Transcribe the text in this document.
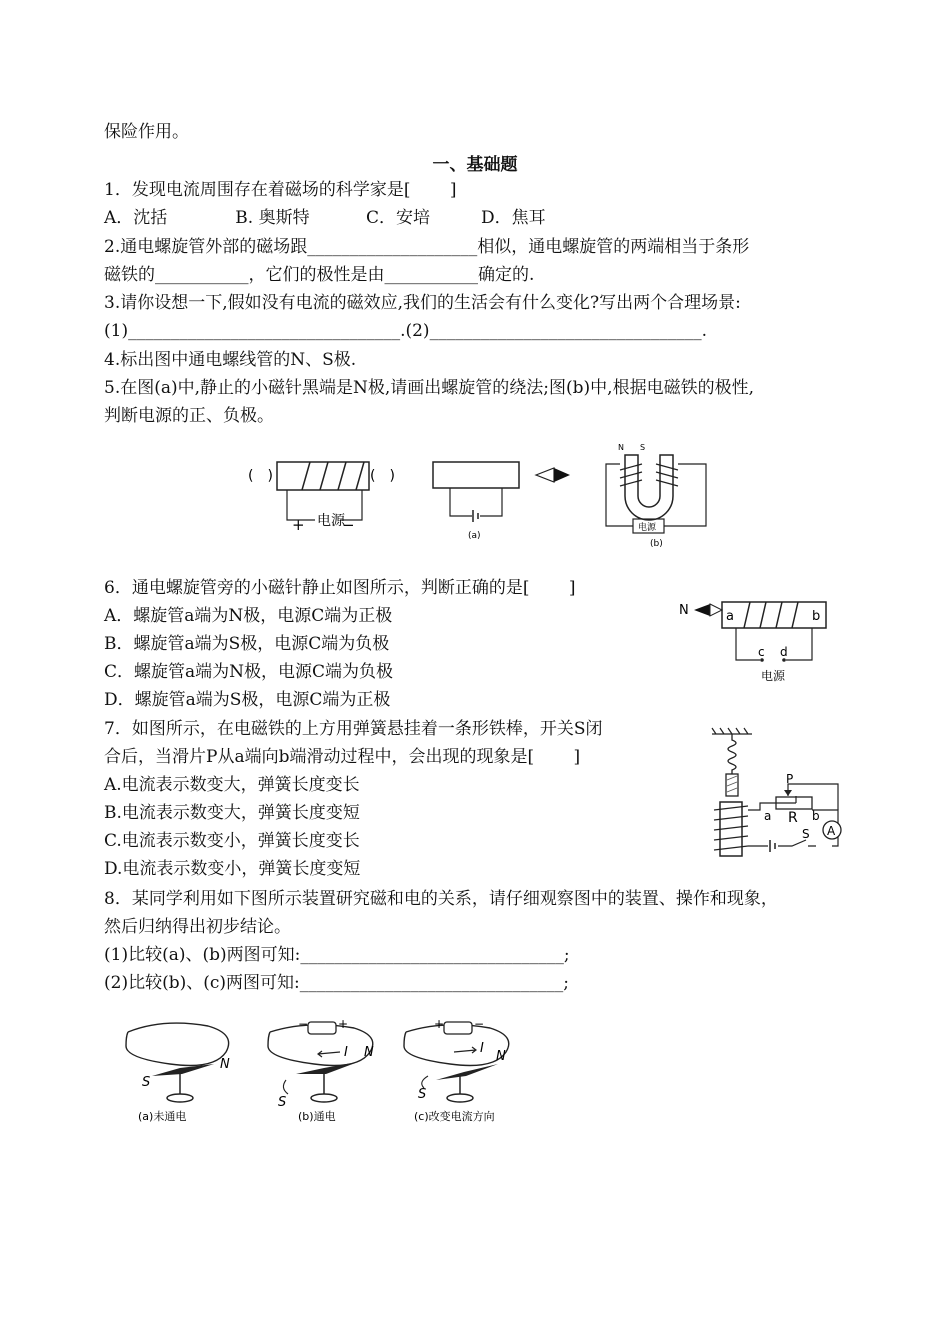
保险作用。
一、基础题
1．发现电流周围存在着磁场的科学家是[　　 ]
A．沈括　　　　B. 奥斯特　　　 C．安培　　　D．焦耳
2.通电螺旋管外部的磁场跟____________________相似，通电螺旋管的两端相当于条形
磁铁的___________，它们的极性是由___________确定的.
3.请你设想一下,假如没有电流的磁效应,我们的生活会有什么变化?写出两个合理场景:
(1)________________________________.(2)________________________________.
4.标出图中通电螺线管的N、S极.
5.在图(a)中,静止的小磁针黑端是N极,请画出螺旋管的绕法;图(b)中,根据电磁铁的极性,
判断电源的正、负极。
(　)	(　)
电源
+ −
(a)
N S
电源
(b)
6．通电螺旋管旁的小磁针静止如图所示，判断正确的是[　　 ]
A．螺旋管a端为N极，电源C端为正极
B．螺旋管a端为S极，电源C端为负极
C．螺旋管a端为N极，电源C端为负极
D．螺旋管a端为S极，电源C端为正极
N	a	b
c d
电源
7．如图所示，在电磁铁的上方用弹簧悬挂着一条形铁棒，开关S闭
合后，当滑片P从a端向b端滑动过程中，会出现的现象是[　　 ]
A.电流表示数变大，弹簧长度变长
B.电流表示数变大，弹簧长度变短
C.电流表示数变小，弹簧长度变长
D.电流表示数变小，弹簧长度变短
P
a R b
S A
8．某同学利用如下图所示装置研究磁和电的关系，请仔细观察图中的装置、操作和现象，
然后归纳得出初步结论。
(1)比较(a)、(b)两图可知:_______________________________;
(2)比较(b)、(c)两图可知:_______________________________;
S
N
(a)未通电
− +
I
S
N
(b)通电
+ −
I
S
N
(c)改变电流方向
